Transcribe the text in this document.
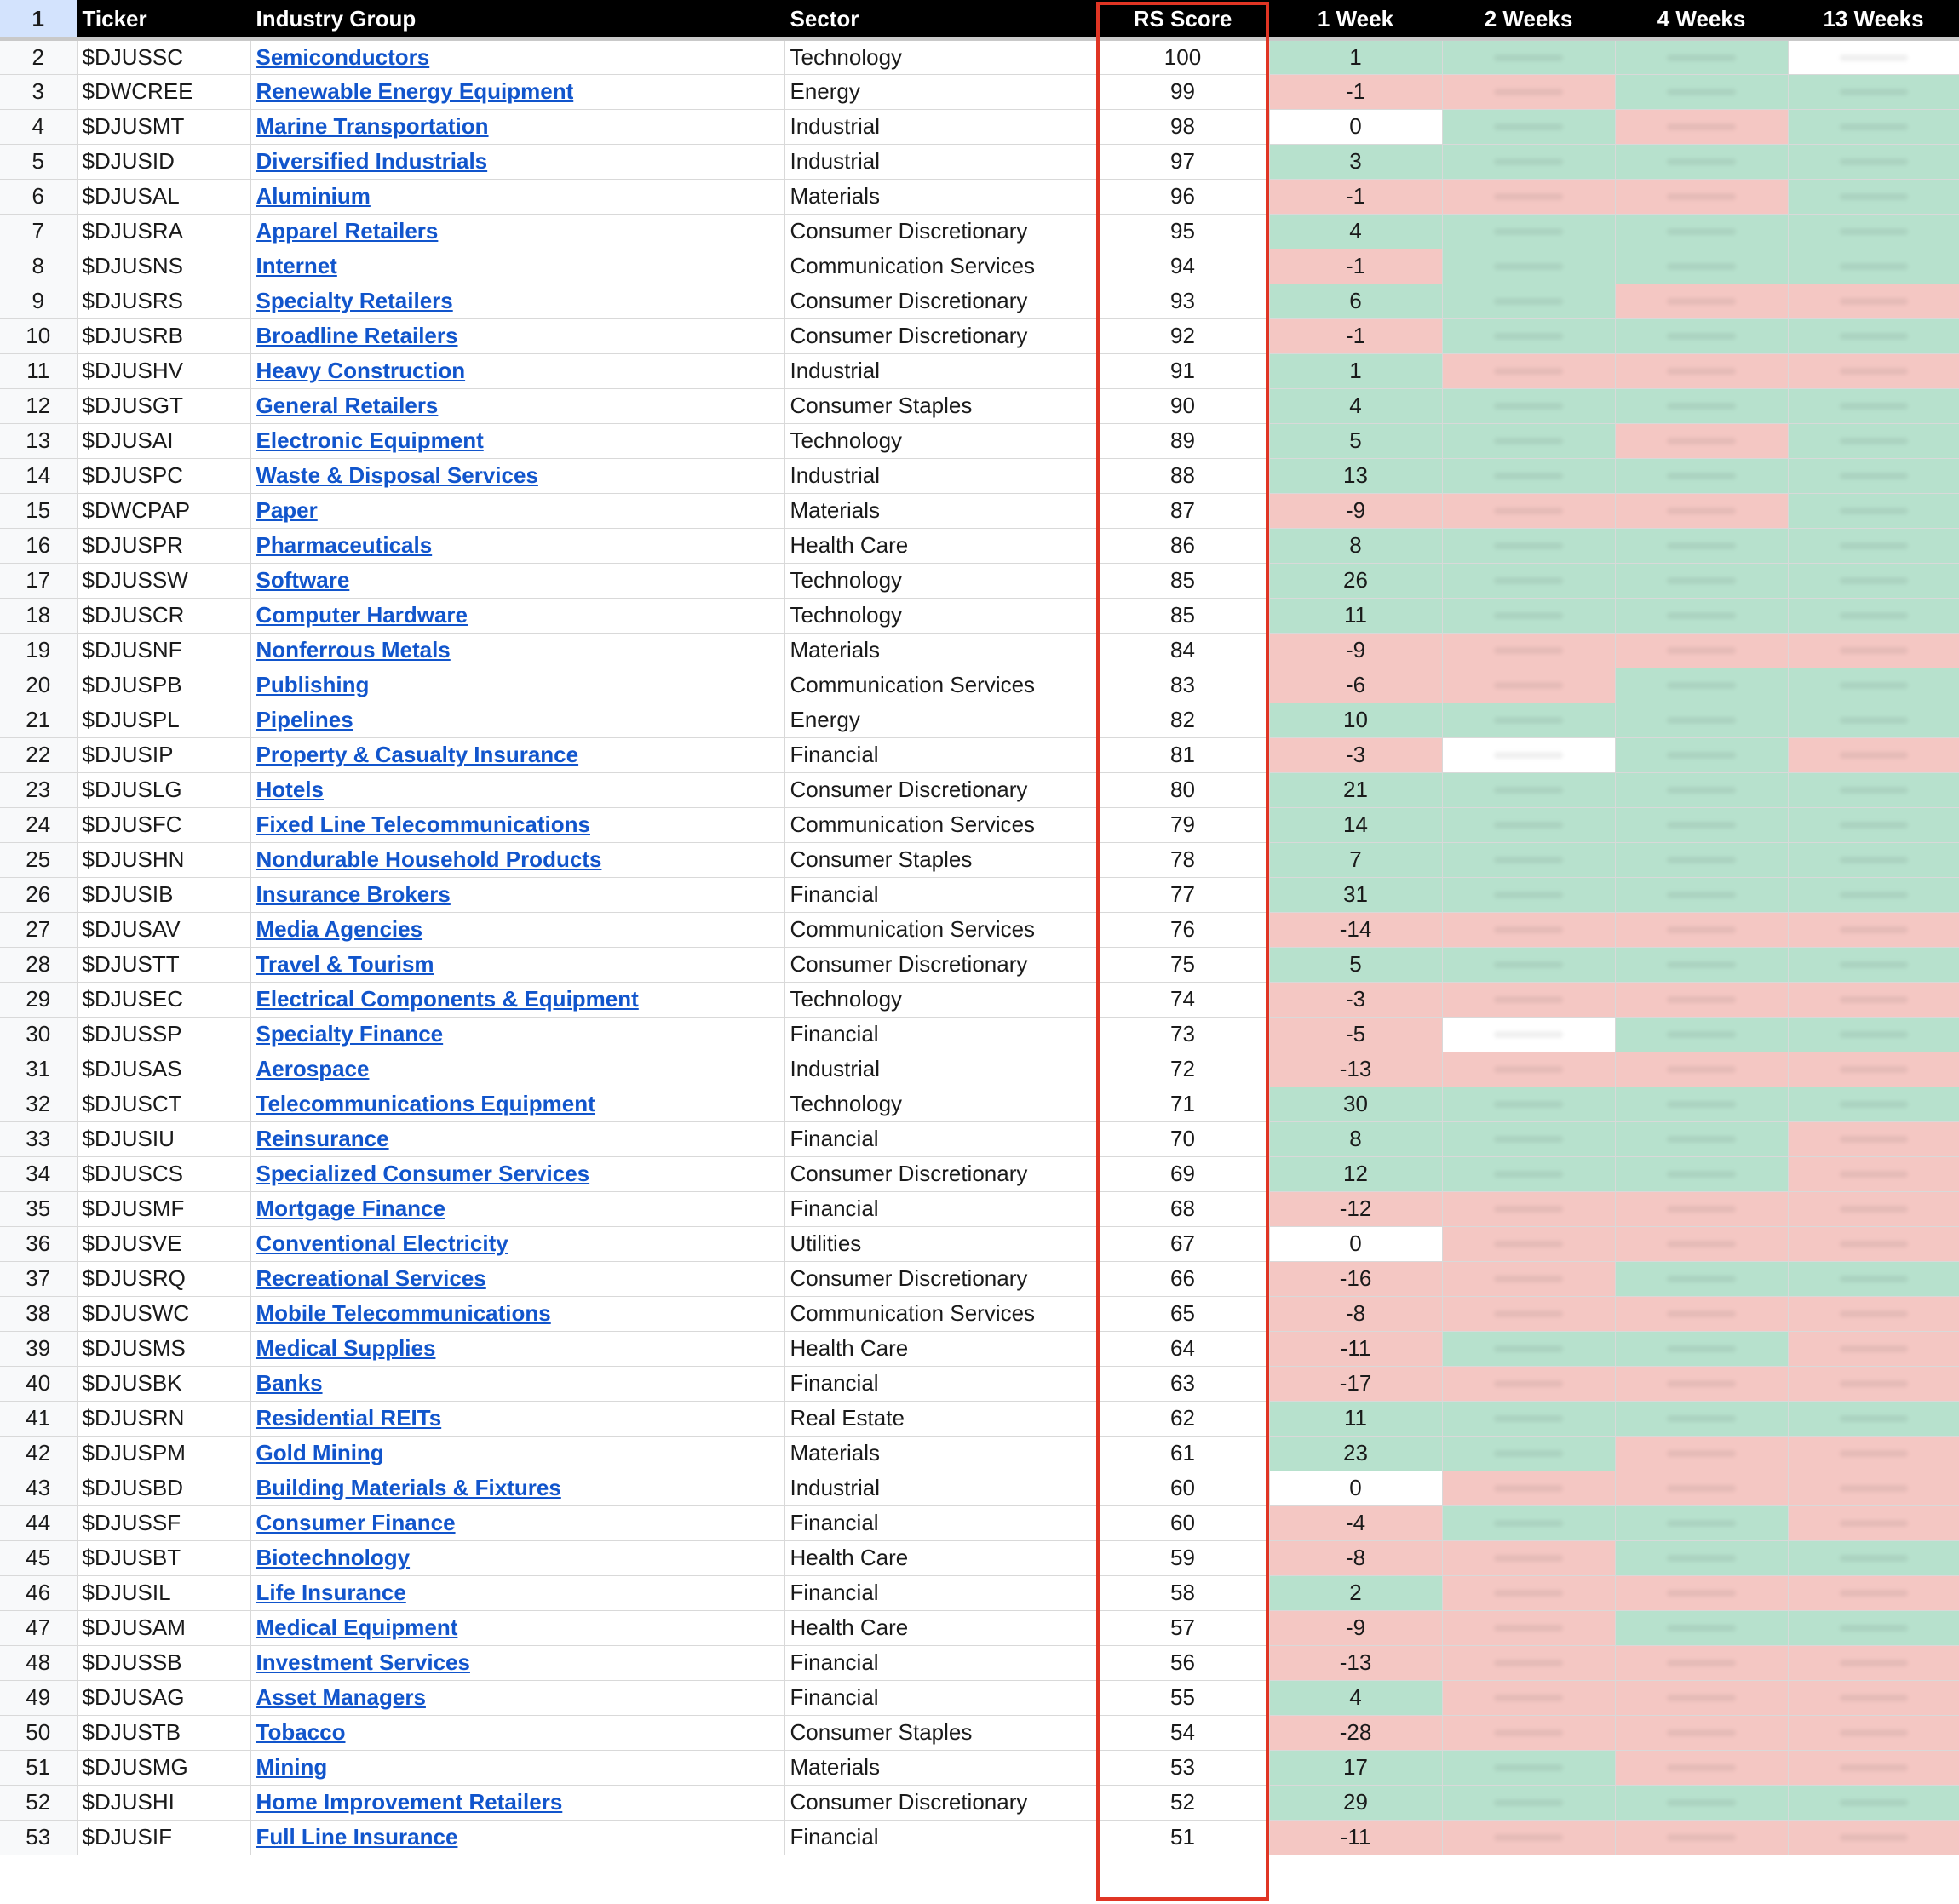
1	Ticker	Industry Group	Sector	RS Score	1 Week	2 Weeks	4 Weeks	13 Weeks
2	$DJUSSC	Semiconductors	Technology	100	1			
3	$DWCREE	Renewable Energy Equipment	Energy	99	-1			
4	$DJUSMT	Marine Transportation	Industrial	98	0			
5	$DJUSID	Diversified Industrials	Industrial	97	3			
6	$DJUSAL	Aluminium	Materials	96	-1			
7	$DJUSRA	Apparel Retailers	Consumer Discretionary	95	4			
8	$DJUSNS	Internet	Communication Services	94	-1			
9	$DJUSRS	Specialty Retailers	Consumer Discretionary	93	6			
10	$DJUSRB	Broadline Retailers	Consumer Discretionary	92	-1			
11	$DJUSHV	Heavy Construction	Industrial	91	1			
12	$DJUSGT	General Retailers	Consumer Staples	90	4			
13	$DJUSAI	Electronic Equipment	Technology	89	5			
14	$DJUSPC	Waste & Disposal Services	Industrial	88	13			
15	$DWCPAP	Paper	Materials	87	-9			
16	$DJUSPR	Pharmaceuticals	Health Care	86	8			
17	$DJUSSW	Software	Technology	85	26			
18	$DJUSCR	Computer Hardware	Technology	85	11			
19	$DJUSNF	Nonferrous Metals	Materials	84	-9			
20	$DJUSPB	Publishing	Communication Services	83	-6			
21	$DJUSPL	Pipelines	Energy	82	10			
22	$DJUSIP	Property & Casualty Insurance	Financial	81	-3			
23	$DJUSLG	Hotels	Consumer Discretionary	80	21			
24	$DJUSFC	Fixed Line Telecommunications	Communication Services	79	14			
25	$DJUSHN	Nondurable Household Products	Consumer Staples	78	7			
26	$DJUSIB	Insurance Brokers	Financial	77	31			
27	$DJUSAV	Media Agencies	Communication Services	76	-14			
28	$DJUSTT	Travel & Tourism	Consumer Discretionary	75	5			
29	$DJUSEC	Electrical Components & Equipment	Technology	74	-3			
30	$DJUSSP	Specialty Finance	Financial	73	-5			
31	$DJUSAS	Aerospace	Industrial	72	-13			
32	$DJUSCT	Telecommunications Equipment	Technology	71	30			
33	$DJUSIU	Reinsurance	Financial	70	8			
34	$DJUSCS	Specialized Consumer Services	Consumer Discretionary	69	12			
35	$DJUSMF	Mortgage Finance	Financial	68	-12			
36	$DJUSVE	Conventional Electricity	Utilities	67	0			
37	$DJUSRQ	Recreational Services	Consumer Discretionary	66	-16			
38	$DJUSWC	Mobile Telecommunications	Communication Services	65	-8			
39	$DJUSMS	Medical Supplies	Health Care	64	-11			
40	$DJUSBK	Banks	Financial	63	-17			
41	$DJUSRN	Residential REITs	Real Estate	62	11			
42	$DJUSPM	Gold Mining	Materials	61	23			
43	$DJUSBD	Building Materials & Fixtures	Industrial	60	0			
44	$DJUSSF	Consumer Finance	Financial	60	-4			
45	$DJUSBT	Biotechnology	Health Care	59	-8			
46	$DJUSIL	Life Insurance	Financial	58	2			
47	$DJUSAM	Medical Equipment	Health Care	57	-9			
48	$DJUSSB	Investment Services	Financial	56	-13			
49	$DJUSAG	Asset Managers	Financial	55	4			
50	$DJUSTB	Tobacco	Consumer Staples	54	-28			
51	$DJUSMG	Mining	Materials	53	17			
52	$DJUSHI	Home Improvement Retailers	Consumer Discretionary	52	29			
53	$DJUSIF	Full Line Insurance	Financial	51	-11			
